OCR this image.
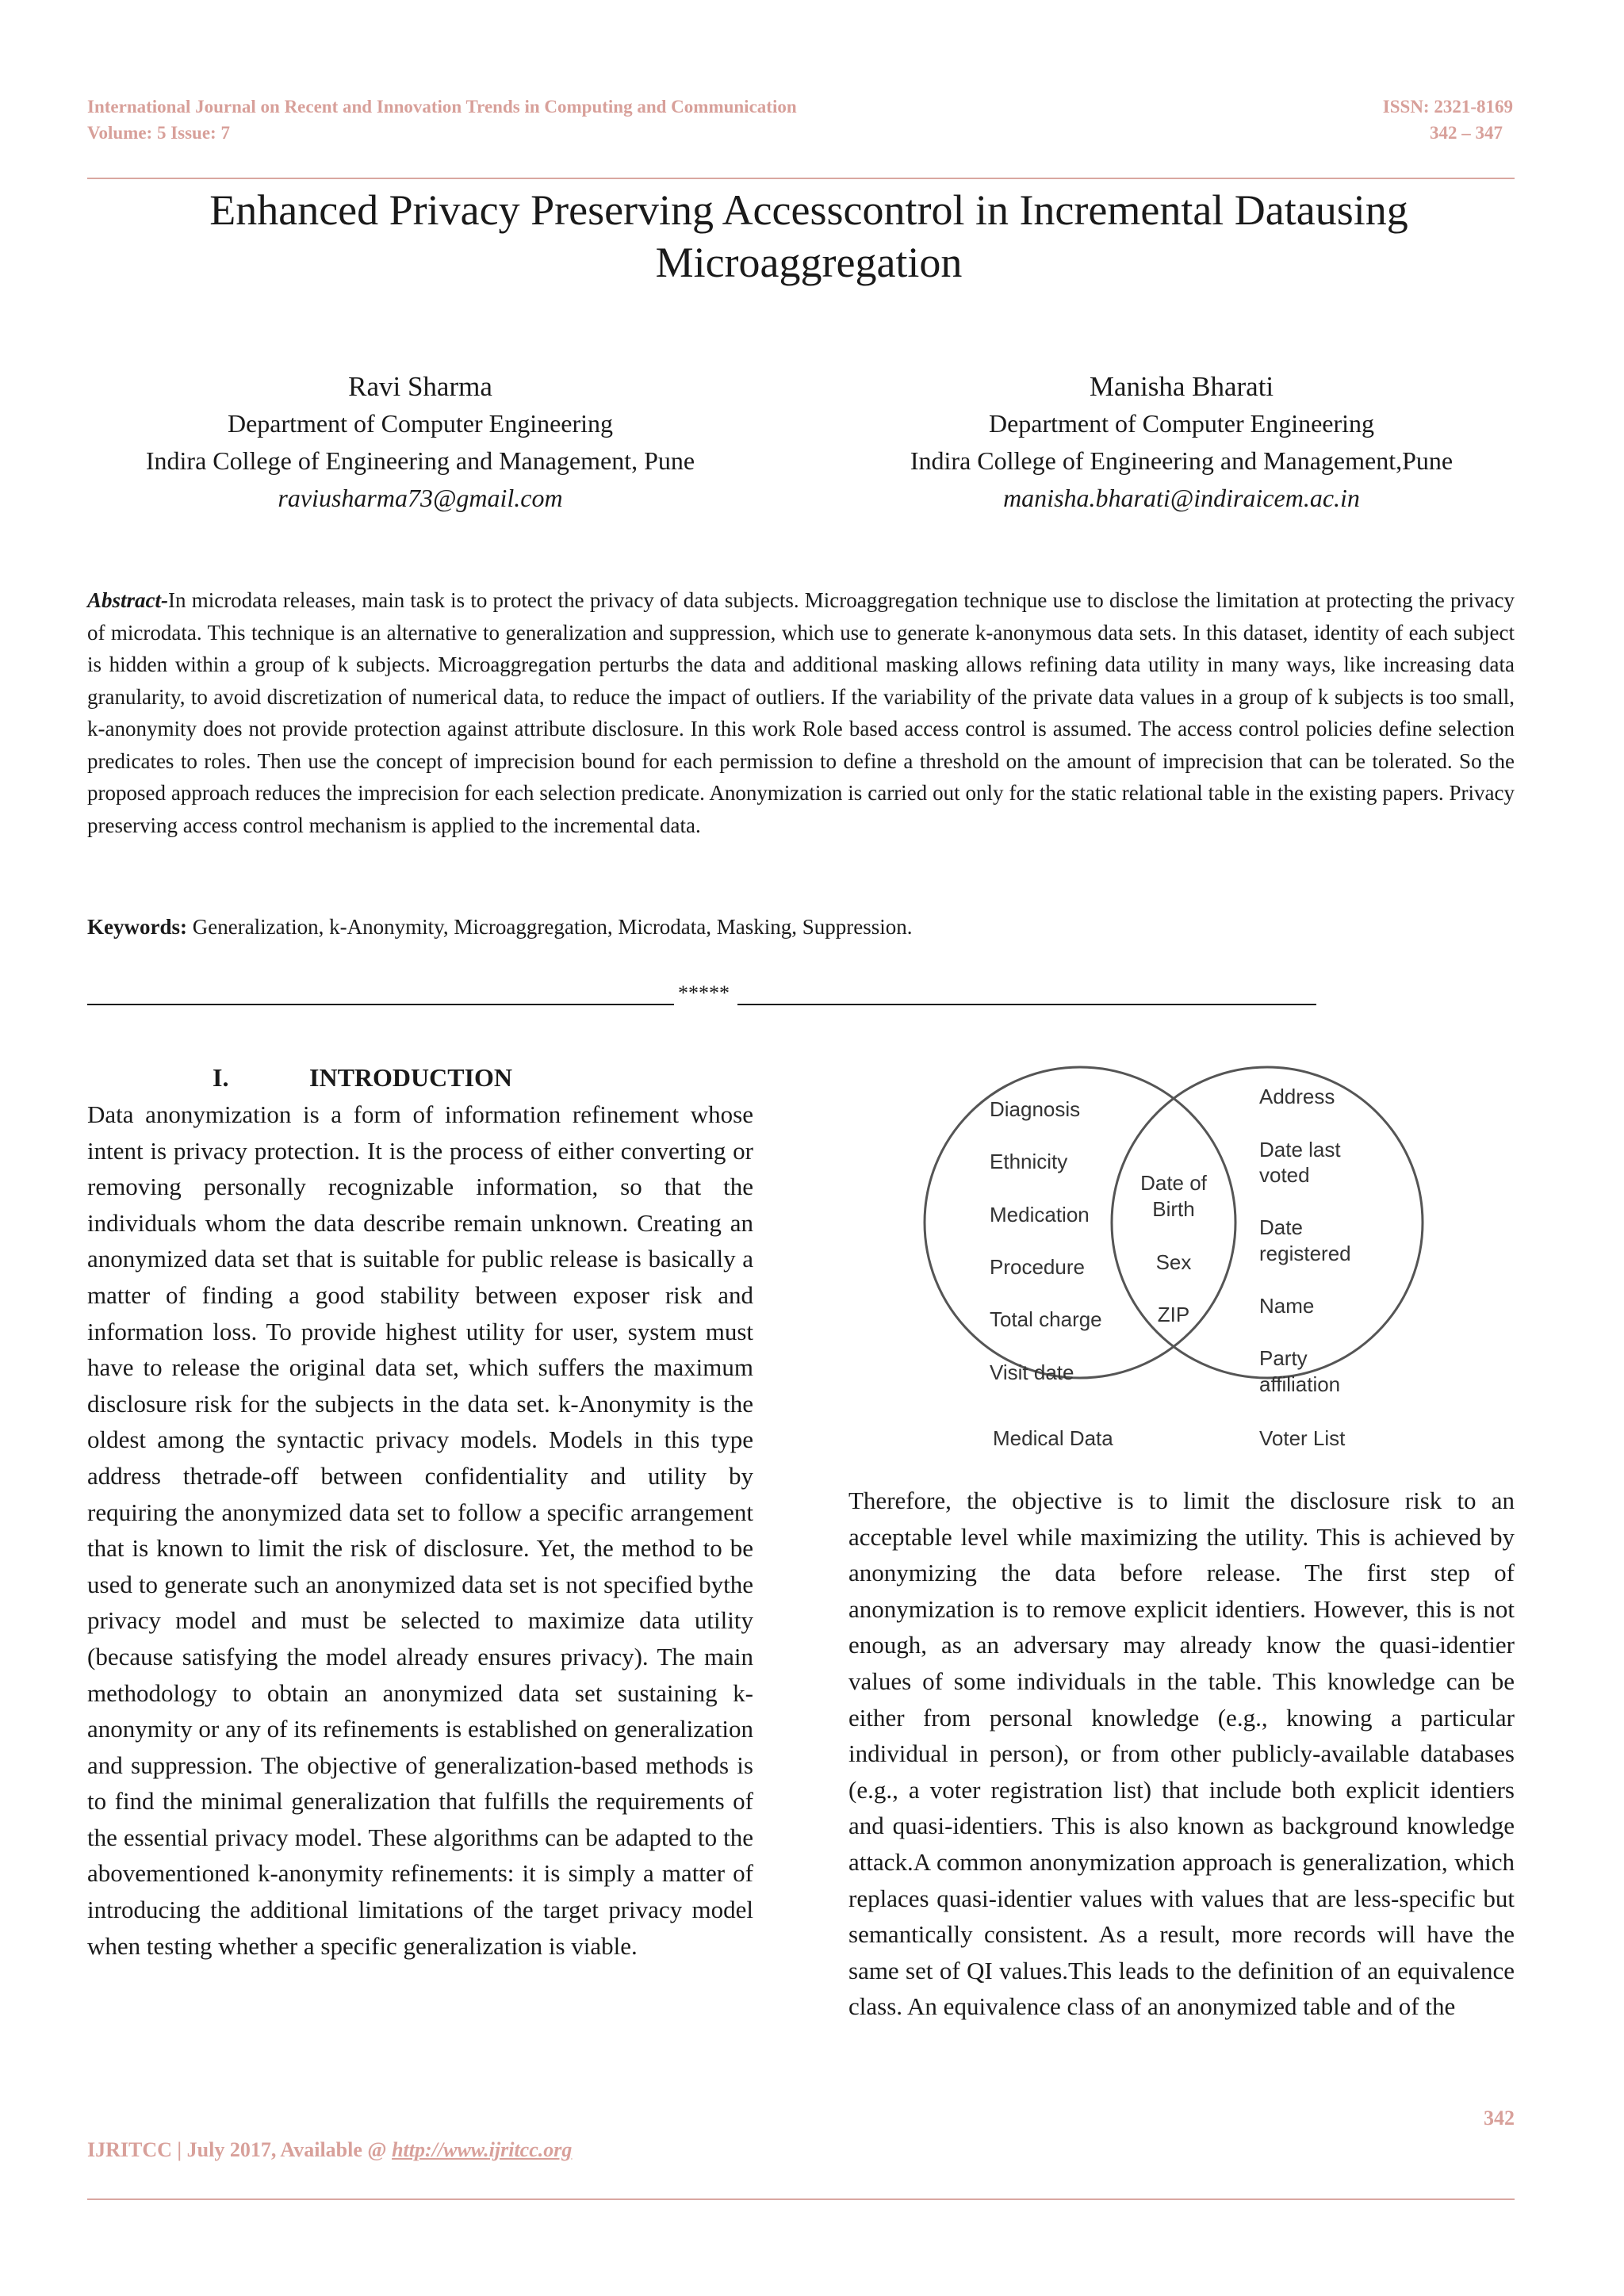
International Journal on Recent and Innovation Trends in Computing and Communication
Volume: 5 Issue: 7
ISSN: 2321-8169
342 – 347
Enhanced Privacy Preserving Accesscontrol in Incremental Datausing Microaggregation
Ravi Sharma
Department of Computer Engineering
Indira College of Engineering and Management, Pune
raviusharma73@gmail.com
Manisha Bharati
Department of Computer Engineering
Indira College of Engineering and Management,Pune
manisha.bharati@indiraicem.ac.in
Abstract-In microdata releases, main task is to protect the privacy of data subjects. Microaggregation technique use to disclose the limitation at protecting the privacy of microdata. This technique is an alternative to generalization and suppression, which use to generate k-anonymous data sets. In this dataset, identity of each subject is hidden within a group of k subjects. Microaggregation perturbs the data and additional masking allows refining data utility in many ways, like increasing data granularity, to avoid discretization of numerical data, to reduce the impact of outliers. If the variability of the private data values in a group of k subjects is too small, k-anonymity does not provide protection against attribute disclosure. In this work Role based access control is assumed. The access control policies define selection predicates to roles. Then use the concept of imprecision bound for each permission to define a threshold on the amount of imprecision that can be tolerated. So the proposed approach reduces the imprecision for each selection predicate. Anonymization is carried out only for the static relational table in the existing papers. Privacy preserving access control mechanism is applied to the incremental data.
Keywords: Generalization, k-Anonymity, Microaggregation, Microdata, Masking, Suppression.
*****
I.	INTRODUCTION
Data anonymization is a form of information refinement whose intent is privacy protection. It is the process of either converting or removing personally recognizable information, so that the individuals whom the data describe remain unknown. Creating an anonymized data set that is suitable for public release is basically a matter of finding a good stability between exposer risk and information loss. To provide highest utility for user, system must have to release the original data set, which suffers the maximum disclosure risk for the subjects in the data set. k-Anonymity is the oldest among the syntactic privacy models. Models in this type address thetrade-off between confidentiality and utility by requiring the anonymized data set to follow a specific arrangement that is known to limit the risk of disclosure. Yet, the method to be used to generate such an anonymized data set is not specified bythe privacy model and must be selected to maximize data utility (because satisfying the model already ensures privacy). The main methodology to obtain an anonymized data set sustaining k-anonymity or any of its refinements is established on generalization and suppression. The objective of generalization-based methods is to find the minimal generalization that fulfills the requirements of the essential privacy model. These algorithms can be adapted to the abovementioned k-anonymity refinements: it is simply a matter of introducing the additional limitations of the target privacy model when testing whether a specific generalization is viable.
Diagnosis
Ethnicity
Medication
Procedure
Total charge
Visit date
Date of
Birth
Sex
ZIP
Address
Date last
voted
Date
registered
Name
Party
affiliation
Medical Data	Voter List
Therefore, the objective is to limit the disclosure risk to an acceptable level while maximizing the utility. This is achieved by anonymizing the data before release. The first step of anonymization is to remove explicit identiers. However, this is not enough, as an adversary may already know the quasi-identier values of some individuals in the table. This knowledge can be either from personal knowledge (e.g., knowing a particular individual in person), or from other publicly-available databases (e.g., a voter registration list) that include both explicit identiers and quasi-identiers. This is also known as background knowledge attack.A common anonymization approach is generalization, which replaces quasi-identier values with values that are less-specific but semantically consistent. As a result, more records will have the same set of QI values.This leads to the definition of an equivalence class. An equivalence class of an anonymized table and of the
342
IJRITCC | July 2017, Available @ http://www.ijritcc.org
